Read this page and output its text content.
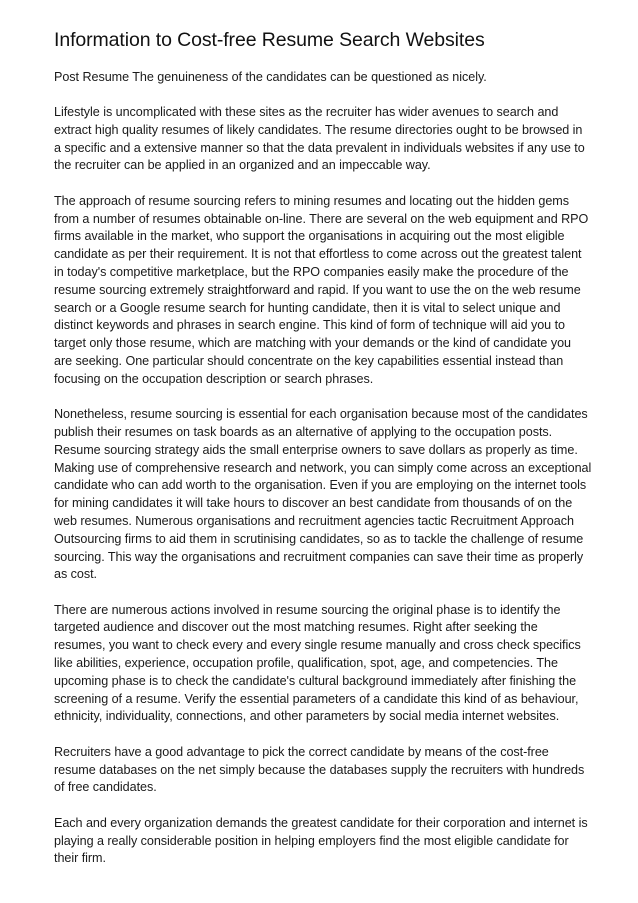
Information to Cost-free Resume Search Websites

Post Resume The genuineness of the candidates can be questioned as nicely.

Lifestyle is uncomplicated with these sites as the recruiter has wider avenues to search and extract high quality resumes of likely candidates. The resume directories ought to be browsed in a specific and a extensive manner so that the data prevalent in individuals websites if any use to the recruiter can be applied in an organized and an impeccable way.

The approach of resume sourcing refers to mining resumes and locating out the hidden gems from a number of resumes obtainable on-line. There are several on the web equipment and RPO firms available in the market, who support the organisations in acquiring out the most eligible candidate as per their requirement. It is not that effortless to come across out the greatest talent in today's competitive marketplace, but the RPO companies easily make the procedure of the resume sourcing extremely straightforward and rapid. If you want to use the on the web resume search or a Google resume search for hunting candidate, then it is vital to select unique and distinct keywords and phrases in search engine. This kind of form of technique will aid you to target only those resume, which are matching with your demands or the kind of candidate you are seeking. One particular should concentrate on the key capabilities essential instead than focusing on the occupation description or search phrases.

Nonetheless, resume sourcing is essential for each organisation because most of the candidates publish their resumes on task boards as an alternative of applying to the occupation posts. Resume sourcing strategy aids the small enterprise owners to save dollars as properly as time. Making use of comprehensive research and network, you can simply come across an exceptional candidate who can add worth to the organisation. Even if you are employing on the internet tools for mining candidates it will take hours to discover an best candidate from thousands of on the web resumes. Numerous organisations and recruitment agencies tactic Recruitment Approach Outsourcing firms to aid them in scrutinising candidates, so as to tackle the challenge of resume sourcing. This way the organisations and recruitment companies can save their time as properly as cost.

There are numerous actions involved in resume sourcing the original phase is to identify the targeted audience and discover out the most matching resumes. Right after seeking the resumes, you want to check every and every single resume manually and cross check specifics like abilities, experience, occupation profile, qualification, spot, age, and competencies. The upcoming phase is to check the candidate's cultural background immediately after finishing the screening of a resume. Verify the essential parameters of a candidate this kind of as behaviour, ethnicity, individuality, connections, and other parameters by social media internet websites.

Recruiters have a good advantage to pick the correct candidate by means of the cost-free resume databases on the net simply because the databases supply the recruiters with hundreds of free candidates.

Each and every organization demands the greatest candidate for their corporation and internet is playing a really considerable position in helping employers find the most eligible candidate for their firm.
